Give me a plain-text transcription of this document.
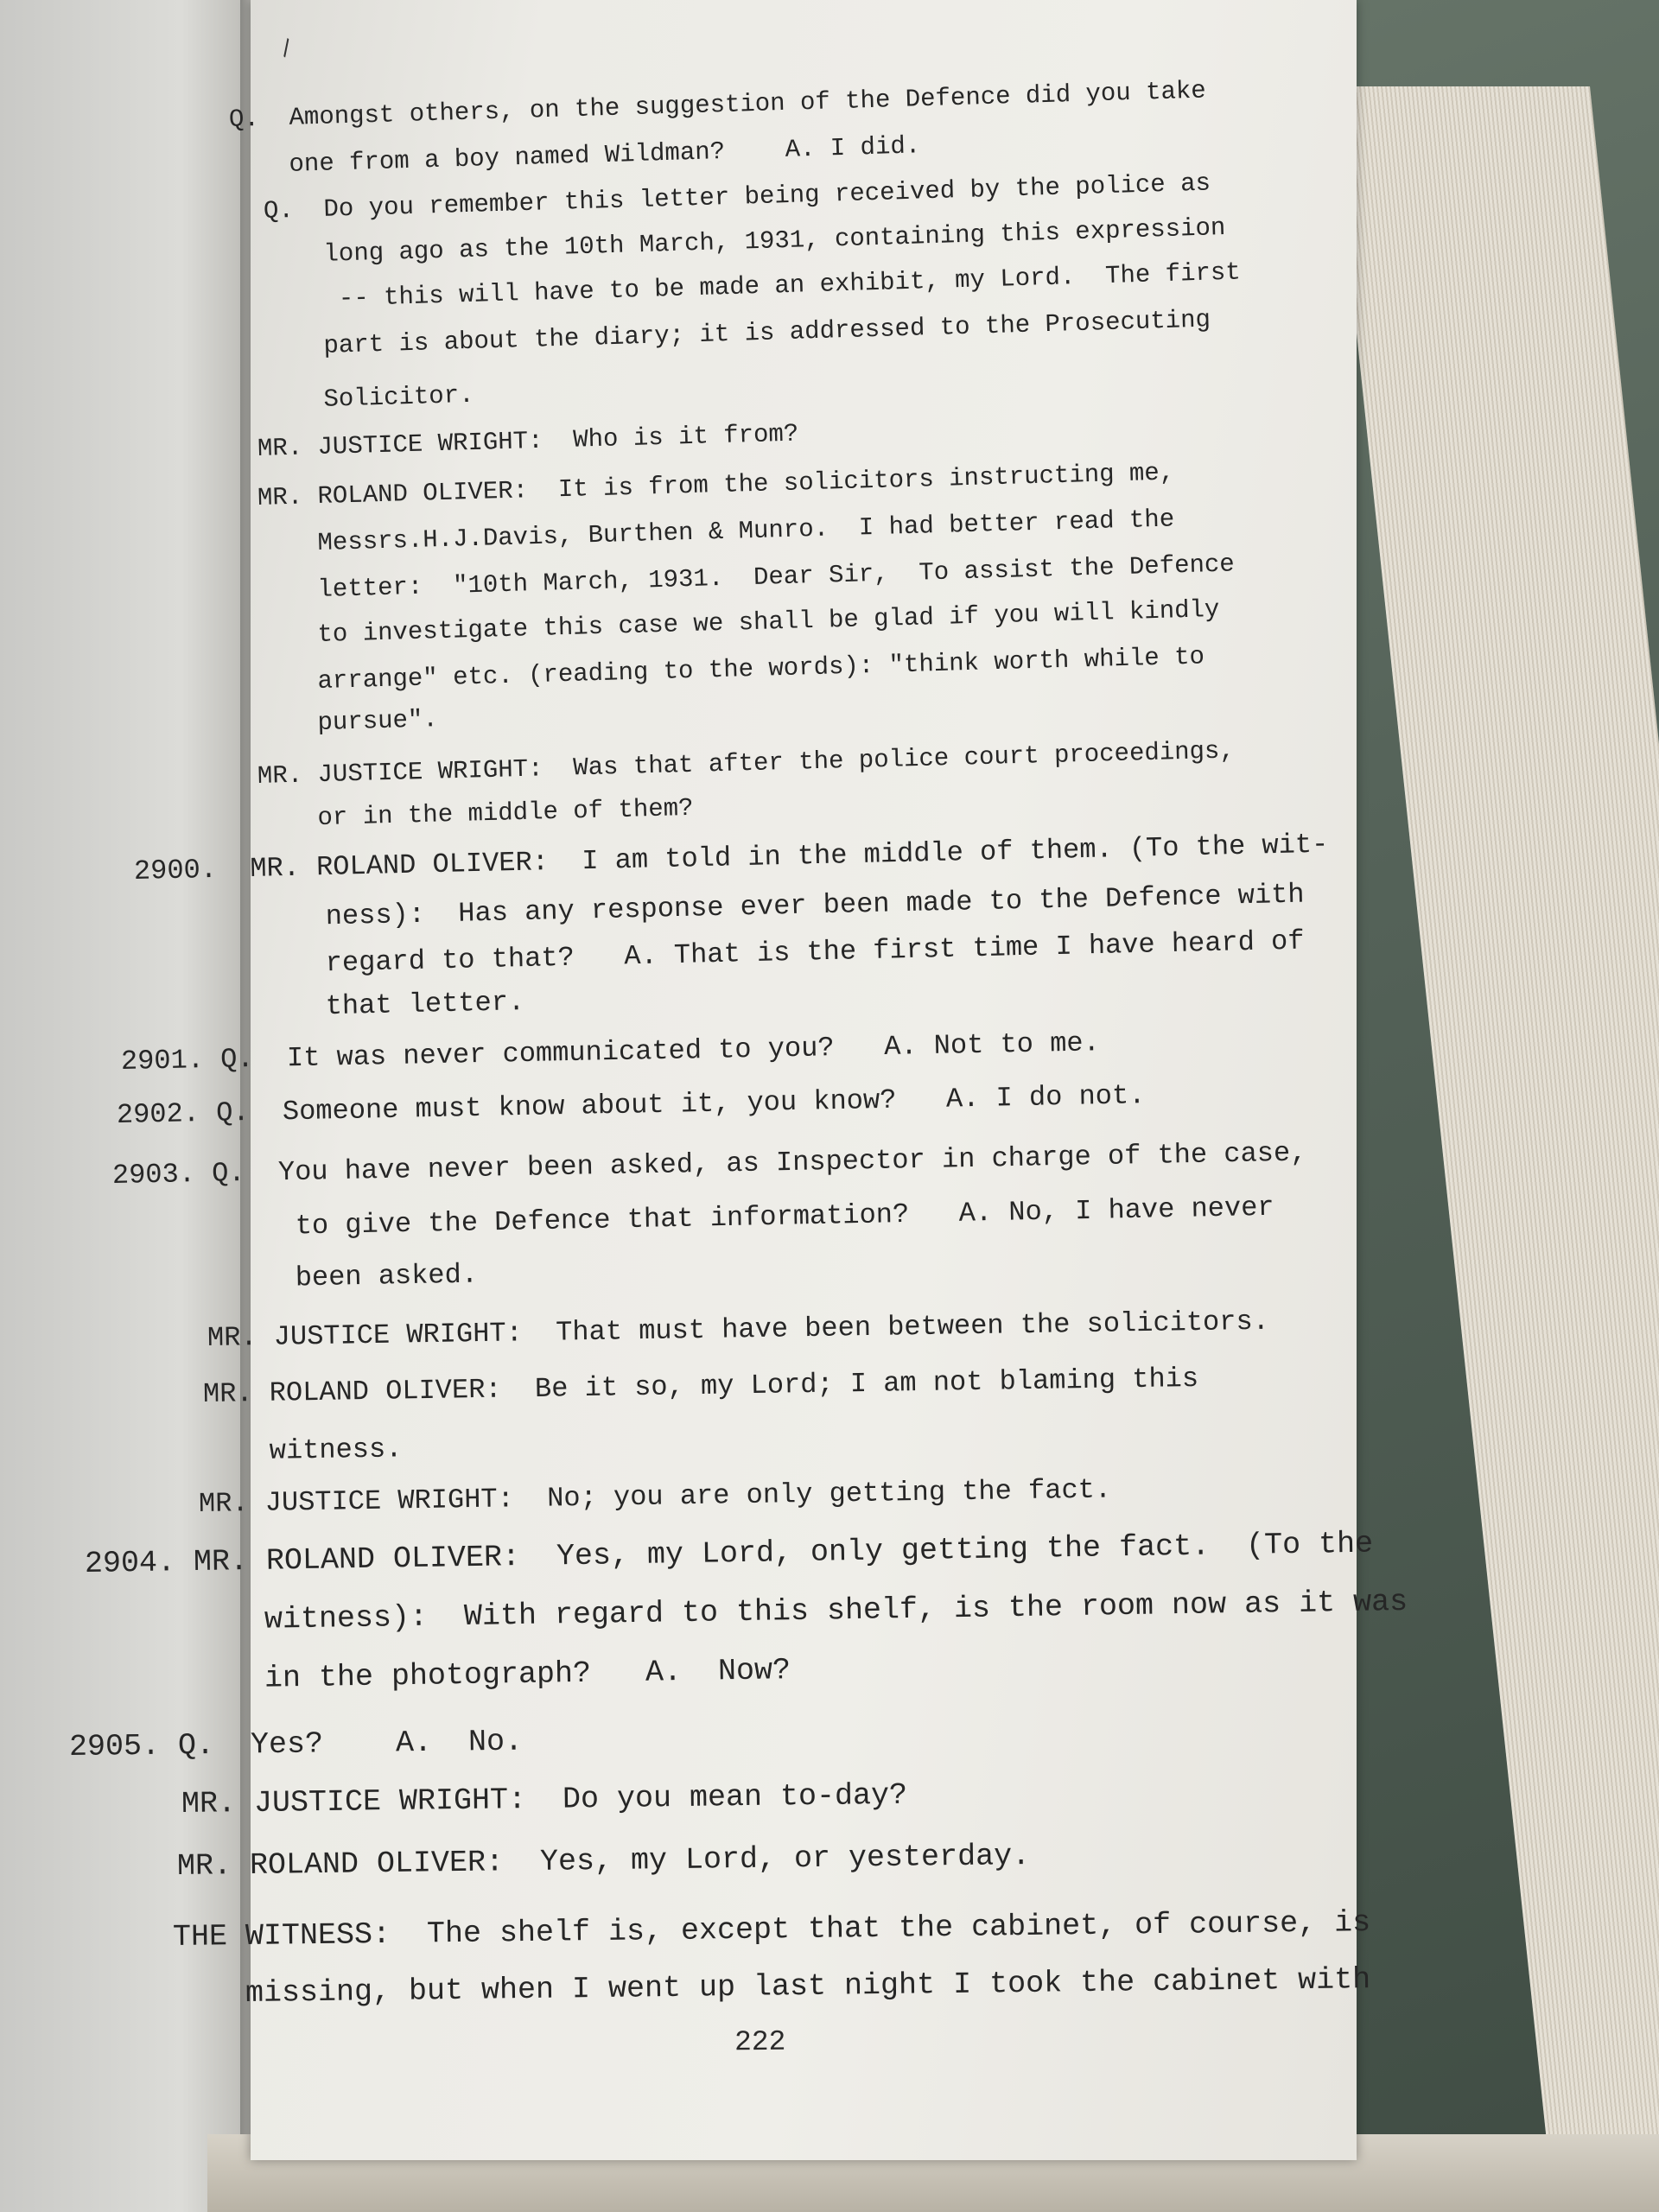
\

Q.  Amongst others, on the suggestion of the Defence did you take

one from a boy named Wildman?    A. I did.

Q.  Do you remember this letter being received by the police as

long ago as the 10th March, 1931, containing this expression

-- this will have to be made an exhibit, my Lord.  The first

part is about the diary; it is addressed to the Prosecuting

Solicitor.

MR. JUSTICE WRIGHT:  Who is it from?

MR. ROLAND OLIVER:  It is from the solicitors instructing me,

Messrs.H.J.Davis, Burthen & Munro.  I had better read the

letter:  "10th March, 1931.  Dear Sir,  To assist the Defence

to investigate this case we shall be glad if you will kindly

arrange" etc. (reading to the words): "think worth while to

pursue".

MR. JUSTICE WRIGHT:  Was that after the police court proceedings,

or in the middle of them?

2900.  MR. ROLAND OLIVER:  I am told in the middle of them. (To the wit-

ness):  Has any response ever been made to the Defence with

regard to that?   A. That is the first time I have heard of

that letter.

2901. Q.  It was never communicated to you?   A. Not to me.

2902. Q.  Someone must know about it, you know?   A. I do not.

2903. Q.  You have never been asked, as Inspector in charge of the case,

to give the Defence that information?   A. No, I have never

been asked.

MR. JUSTICE WRIGHT:  That must have been between the solicitors.

MR. ROLAND OLIVER:  Be it so, my Lord; I am not blaming this

witness.

MR. JUSTICE WRIGHT:  No; you are only getting the fact.

2904. MR. ROLAND OLIVER:  Yes, my Lord, only getting the fact.  (To the

witness):  With regard to this shelf, is the room now as it was

in the photograph?   A.  Now?

2905. Q.  Yes?    A.  No.

MR. JUSTICE WRIGHT:  Do you mean to-day?

MR. ROLAND OLIVER:  Yes, my Lord, or yesterday.

THE WITNESS:  The shelf is, except that the cabinet, of course, is

missing, but when I went up last night I took the cabinet with

222
